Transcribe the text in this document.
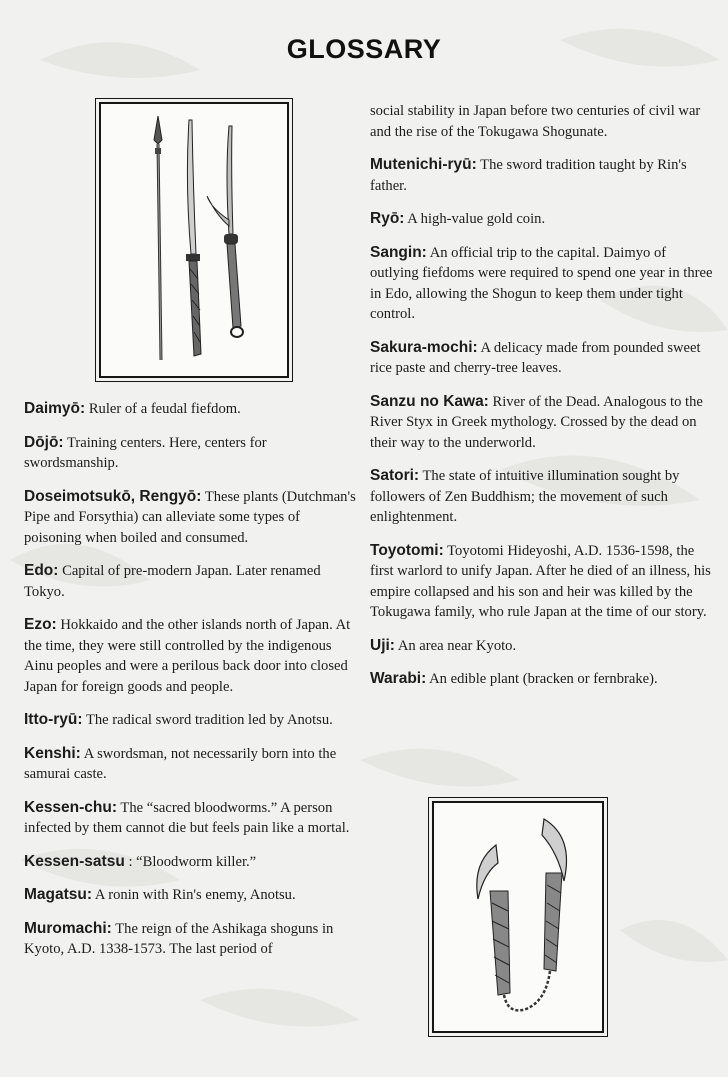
GLOSSARY
Daimyō: Ruler of a feudal fiefdom.
Dōjō: Training centers. Here, centers for swordsmanship.
Doseimotsukō, Rengyō: These plants (Dutchman's Pipe and Forsythia) can alleviate some types of poisoning when boiled and consumed.
Edo: Capital of pre-modern Japan. Later renamed Tokyo.
Ezo: Hokkaido and the other islands north of Japan. At the time, they were still controlled by the indigenous Ainu peoples and were a perilous back door into closed Japan for foreign goods and people.
Itto-ryū: The radical sword tradition led by Anotsu.
Kenshi: A swordsman, not necessarily born into the samurai caste.
Kessen-chu: The “sacred bloodworms.” A person infected by them cannot die but feels pain like a mortal.
Kessen-satsu : “Bloodworm killer.”
Magatsu: A ronin with Rin's enemy, Anotsu.
Muromachi: The reign of the Ashikaga shoguns in Kyoto, A.D. 1338-1573. The last period of
social stability in Japan before two centuries of civil war and the rise of the Tokugawa Shogunate.
Mutenichi-ryū: The sword tradition taught by Rin's father.
Ryō: A high-value gold coin.
Sangin: An official trip to the capital. Daimyo of outlying fiefdoms were required to spend one year in three in Edo, allowing the Shogun to keep them under tight control.
Sakura-mochi: A delicacy made from pounded sweet rice paste and cherry-tree leaves.
Sanzu no Kawa: River of the Dead. Analogous to the River Styx in Greek mythology. Crossed by the dead on their way to the underworld.
Satori: The state of intuitive illumination sought by followers of Zen Buddhism; the movement of such enlightenment.
Toyotomi: Toyotomi Hideyoshi, A.D. 1536-1598, the first warlord to unify Japan. After he died of an illness, his empire collapsed and his son and heir was killed by the Tokugawa family, who rule Japan at the time of our story.
Uji: An area near Kyoto.
Warabi: An edible plant (bracken or fernbrake).
